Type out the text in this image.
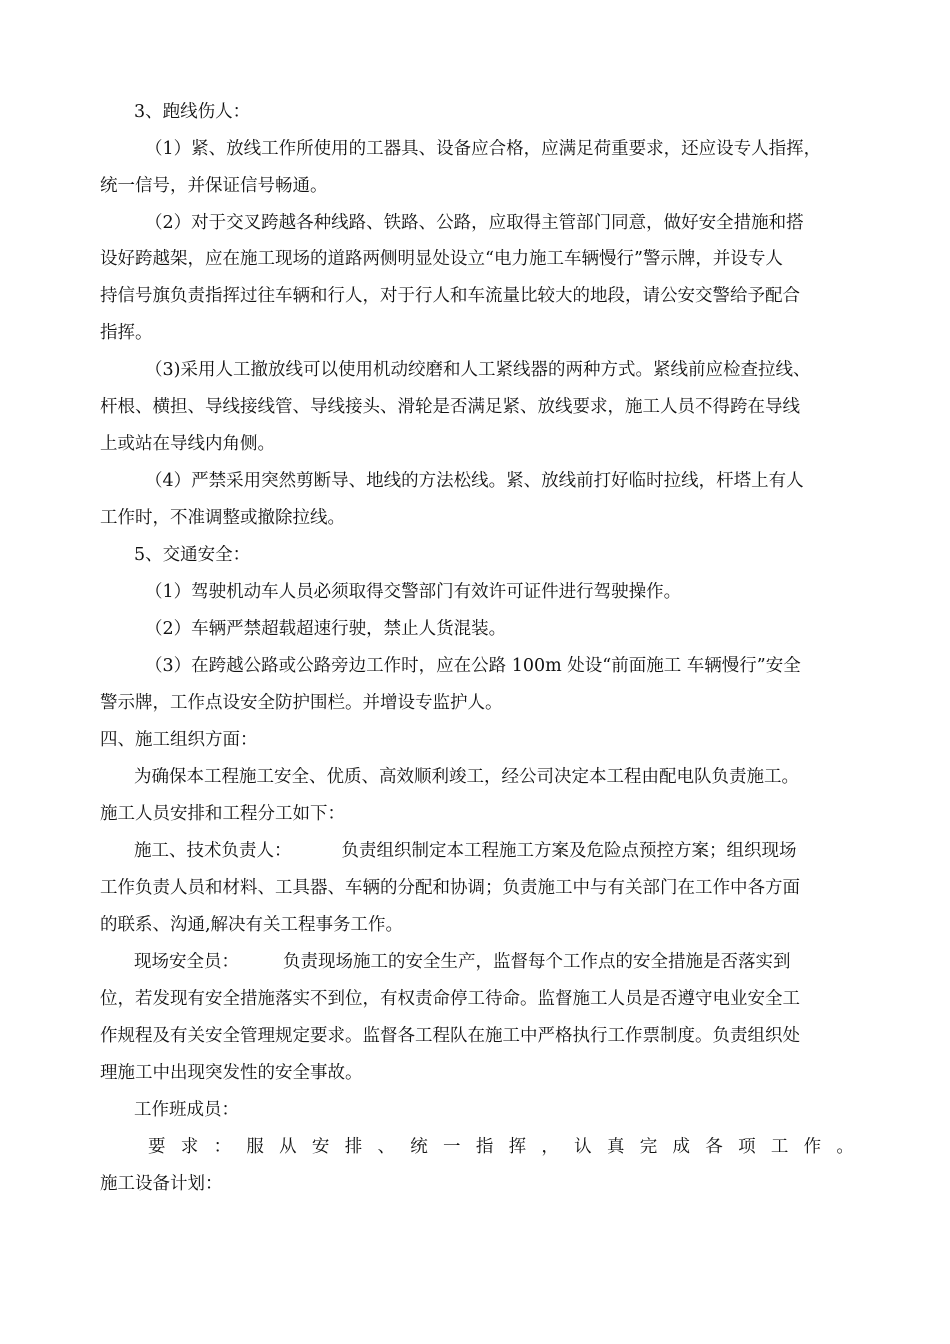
3、跑线伤人：
（1）紧、放线工作所使用的工器具、设备应合格，应满足荷重要求，还应设专人指挥，
统一信号，并保证信号畅通。
（2）对于交叉跨越各种线路、铁路、公路，应取得主管部门同意，做好安全措施和搭
设好跨越架，应在施工现场的道路两侧明显处设立“电力施工车辆慢行”警示牌，并设专人
持信号旗负责指挥过往车辆和行人，对于行人和车流量比较大的地段，请公安交警给予配合
指挥。
（3)采用人工撤放线可以使用机动绞磨和人工紧线器的两种方式。紧线前应检查拉线、
杆根、横担、导线接线管、导线接头、滑轮是否满足紧、放线要求，施工人员不得跨在导线
上或站在导线内角侧。
（4）严禁采用突然剪断导、地线的方法松线。紧、放线前打好临时拉线，杆塔上有人
工作时，不准调整或撤除拉线。
5、交通安全：
（1）驾驶机动车人员必须取得交警部门有效许可证件进行驾驶操作。
（2）车辆严禁超载超速行驶，禁止人货混装。
（3）在跨越公路或公路旁边工作时，应在公路 100m 处设“前面施工 车辆慢行”安全
警示牌，工作点设安全防护围栏。并增设专监护人。
四、施工组织方面：
为确保本工程施工安全、优质、高效顺利竣工，经公司决定本工程由配电队负责施工。
施工人员安排和工程分工如下：
施工、技术负责人：	负责组织制定本工程施工方案及危险点预控方案；组织现场
工作负责人员和材料、工具器、车辆的分配和协调；负责施工中与有关部门在工作中各方面
的联系、沟通,解决有关工程事务工作。
现场安全员：	负责现场施工的安全生产，监督每个工作点的安全措施是否落实到
位，若发现有安全措施落实不到位，有权责命停工待命。监督施工人员是否遵守电业安全工
作规程及有关安全管理规定要求。监督各工程队在施工中严格执行工作票制度。负责组织处
理施工中出现突发性的安全事故。
工作班成员：
要 求 ： 服 从 安 排 、 统 一 指 挥 ， 认 真 完 成 各 项 工 作 。
施工设备计划：
